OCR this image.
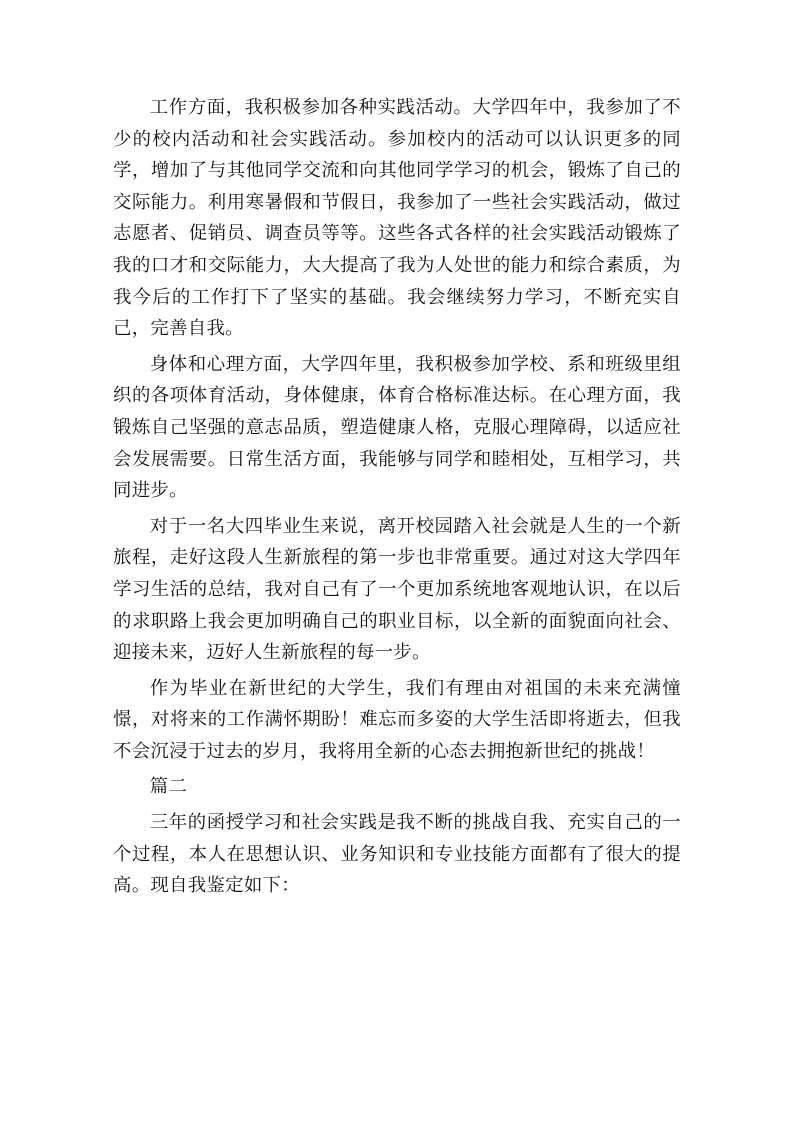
工作方面，我积极参加各种实践活动。大学四年中，我参加了不少的校内活动和社会实践活动。参加校内的活动可以认识更多的同学，增加了与其他同学交流和向其他同学学习的机会，锻炼了自己的交际能力。利用寒暑假和节假日，我参加了一些社会实践活动，做过志愿者、促销员、调查员等等。这些各式各样的社会实践活动锻炼了我的口才和交际能力，大大提高了我为人处世的能力和综合素质，为我今后的工作打下了坚实的基础。我会继续努力学习，不断充实自己，完善自我。

身体和心理方面，大学四年里，我积极参加学校、系和班级里组织的各项体育活动，身体健康，体育合格标准达标。在心理方面，我锻炼自己坚强的意志品质，塑造健康人格，克服心理障碍，以适应社会发展需要。日常生活方面，我能够与同学和睦相处，互相学习，共同进步。

对于一名大四毕业生来说，离开校园踏入社会就是人生的一个新旅程，走好这段人生新旅程的第一步也非常重要。通过对这大学四年学习生活的总结，我对自己有了一个更加系统地客观地认识，在以后的求职路上我会更加明确自己的职业目标，以全新的面貌面向社会、迎接未来，迈好人生新旅程的每一步。

作为毕业在新世纪的大学生，我们有理由对祖国的未来充满憧憬，对将来的工作满怀期盼！难忘而多姿的大学生活即将逝去，但我不会沉浸于过去的岁月，我将用全新的心态去拥抱新世纪的挑战！

篇二

三年的函授学习和社会实践是我不断的挑战自我、充实自己的一个过程，本人在思想认识、业务知识和专业技能方面都有了很大的提高。现自我鉴定如下：
